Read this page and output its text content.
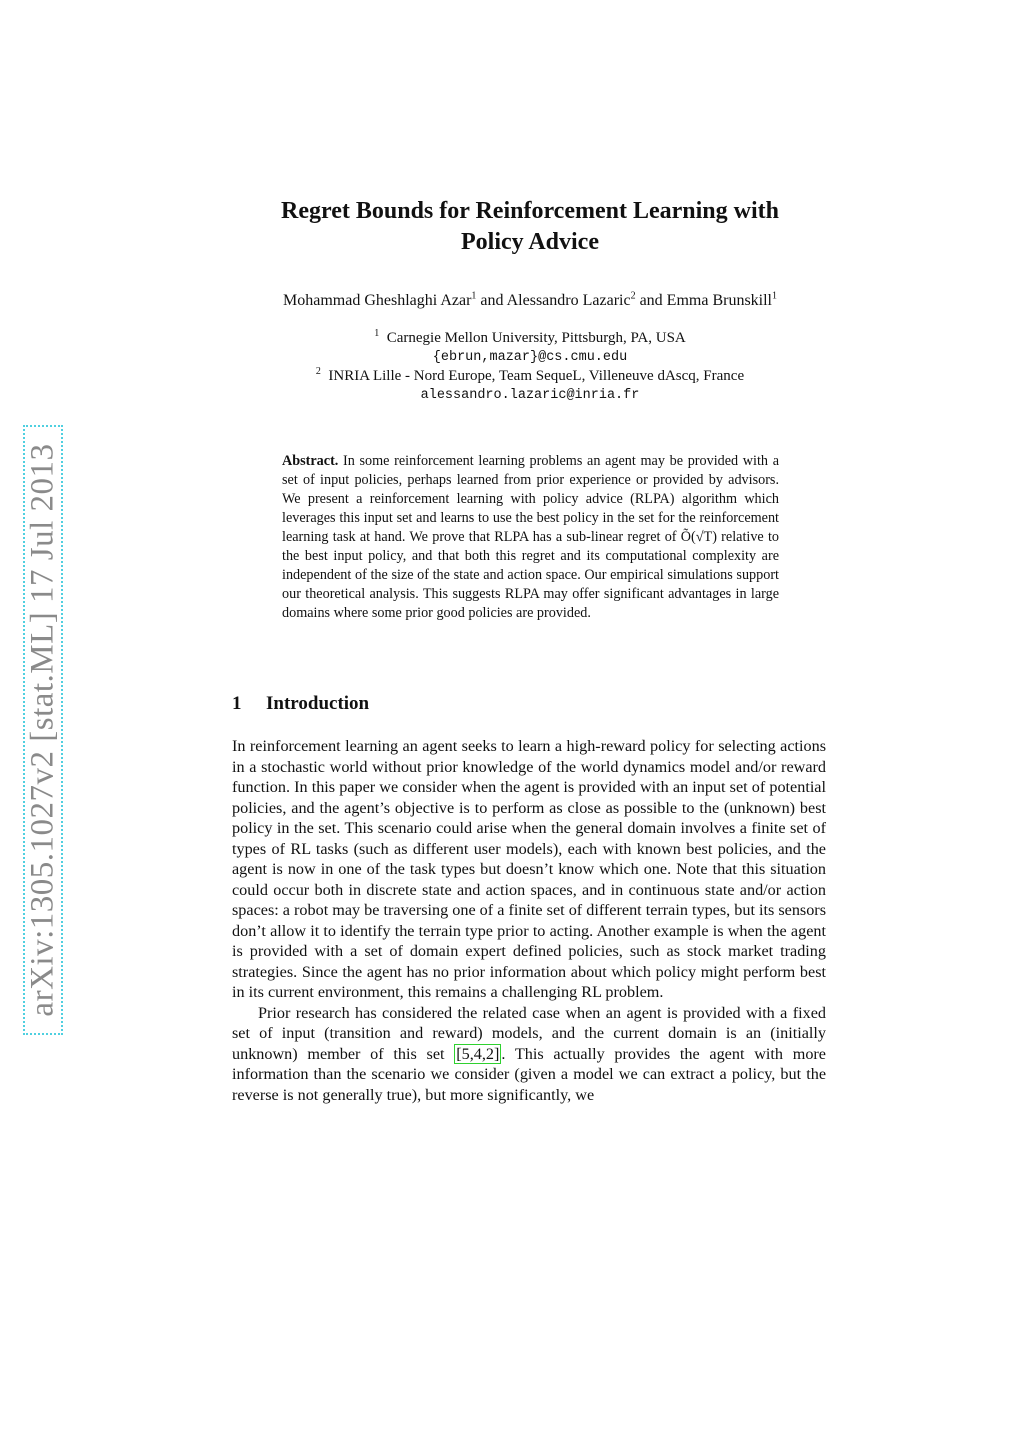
arXiv:1305.1027v2 [stat.ML] 17 Jul 2013
Regret Bounds for Reinforcement Learning with
Policy Advice
Mohammad Gheshlaghi Azar$^1$ and Alessandro Lazaric$^2$ and Emma Brunskill$^1$
$^1$ Carnegie Mellon University, Pittsburgh, PA, USA
{ebrun,mazar}@cs.cmu.edu
$^2$ INRIA Lille - Nord Europe, Team SequeL, Villeneuve dAscq, France
alessandro.lazaric@inria.fr
Abstract. In some reinforcement learning problems an agent may be provided with a set of input policies, perhaps learned from prior experience or provided by advisors. We present a reinforcement learning with policy advice (RLPA) algorithm which leverages this input set and learns to use the best policy in the set for the reinforcement learning task at hand. We prove that RLPA has a sub-linear regret of Õ(√T) relative to the best input policy, and that both this regret and its computational complexity are independent of the size of the state and action space. Our empirical simulations support our theoretical analysis. This suggests RLPA may offer significant advantages in large domains where some prior good policies are provided.
1 Introduction

In reinforcement learning an agent seeks to learn a high-reward policy for selecting actions in a stochastic world without prior knowledge of the world dynamics model and/or reward function. In this paper we consider when the agent is provided with an input set of potential policies, and the agent’s objective is to perform as close as possible to the (unknown) best policy in the set. This scenario could arise when the general domain involves a finite set of types of RL tasks (such as different user models), each with known best policies, and the agent is now in one of the task types but doesn’t know which one. Note that this situation could occur both in discrete state and action spaces, and in continuous state and/or action spaces: a robot may be traversing one of a finite set of different terrain types, but its sensors don’t allow it to identify the terrain type prior to acting. Another example is when the agent is provided with a set of domain expert defined policies, such as stock market trading strategies. Since the agent has no prior information about which policy might perform best in its current environment, this remains a challenging RL problem.

Prior research has considered the related case when an agent is provided with a fixed set of input (transition and reward) models, and the current domain is an (initially unknown) member of this set [5,4,2] . This actually provides the agent with more information than the scenario we consider (given a model we can extract a policy, but the reverse is not generally true), but more significantly, we
